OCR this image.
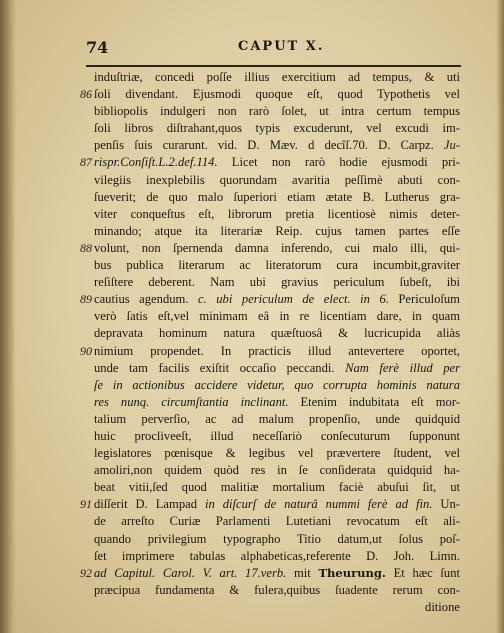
74	CAPUT X.
induſtriæ, concedi poſſe illius exercitium ad tempus, & uti
86 ſoli divendant. Ejusmodi quoque eſt, quod Typothetis vel
bibliopolis indulgeri non rarò ſolet, ut intra certum tempus
ſoli libros diſtrahant,quos typis excuderunt, vel excudi im-
penſis ſuis curarunt. vid. D. Mæv. d decîſ.70. D. Carpz. Ju-
87 rispr.Conſiſt.L.2.def.114. Licet non rarò hodie ejusmodi pri-
vilegiis inexplebilis quorundam avaritia peſſimè abuti con-
ſueverit; de quo malo ſuperiori etiam ætate B. Lutherus gra-
viter conqueſtus eſt, librorum pretia licentiosè nimis deter-
minando; atque ita literariæ Reip. cujus tamen partes eſſe
88 volunt, non ſpernenda damna inferendo, cui malo illi, qui-
bus publica literarum ac literatorum cura incumbit,graviter
reſiſtere deberent. Nam ubi gravius periculum ſubeſt, ibi
89 cautius agendum. c. ubi periculum de elect. in 6. Periculoſum
verò ſatis eſt,vel minimam eâ in re licentiam dare, in quam
depravata hominum natura quæſtuosâ & lucricupida aliàs
90 nimium propendet. In practicis illud antevertere oportet,
unde tam facilis exiſtit occaſio peccandi. Nam ferè illud per
ſe in actionibus accidere videtur, quo corrupta hominis natura
res nunq. circumſtantia inclinant. Etenim indubitata eſt mor-
talium perverſio, ac ad malum propenſio, unde quidquid
huic procliveeſt, illud neceſſariò conſecuturum ſupponunt
legislatores pœnisque & legibus vel prævertere ſtudent, vel
amoliri,non quidem quòd res in ſe conſiderata quidquid ha-
beat vitii,ſed quod malitiæ mortalium faciè abuſui ſit, ut
91 diſſerit D. Lampad in diſcurſ de naturâ nummi ferè ad fin. Un-
de arreſto Curiæ Parlamenti Lutetiani revocatum eſt ali-
quando privilegium typographo Titio datum,ut ſolus poſ-
ſet imprimere tabulas alphabeticas,referente D. Joh. Limn.
92 ad Capitul. Carol. V. art. 17.verb. mit Theurung. Et hæc ſunt
præcipua fundamenta & fulera,quibus ſuadente rerum con-
ditione
